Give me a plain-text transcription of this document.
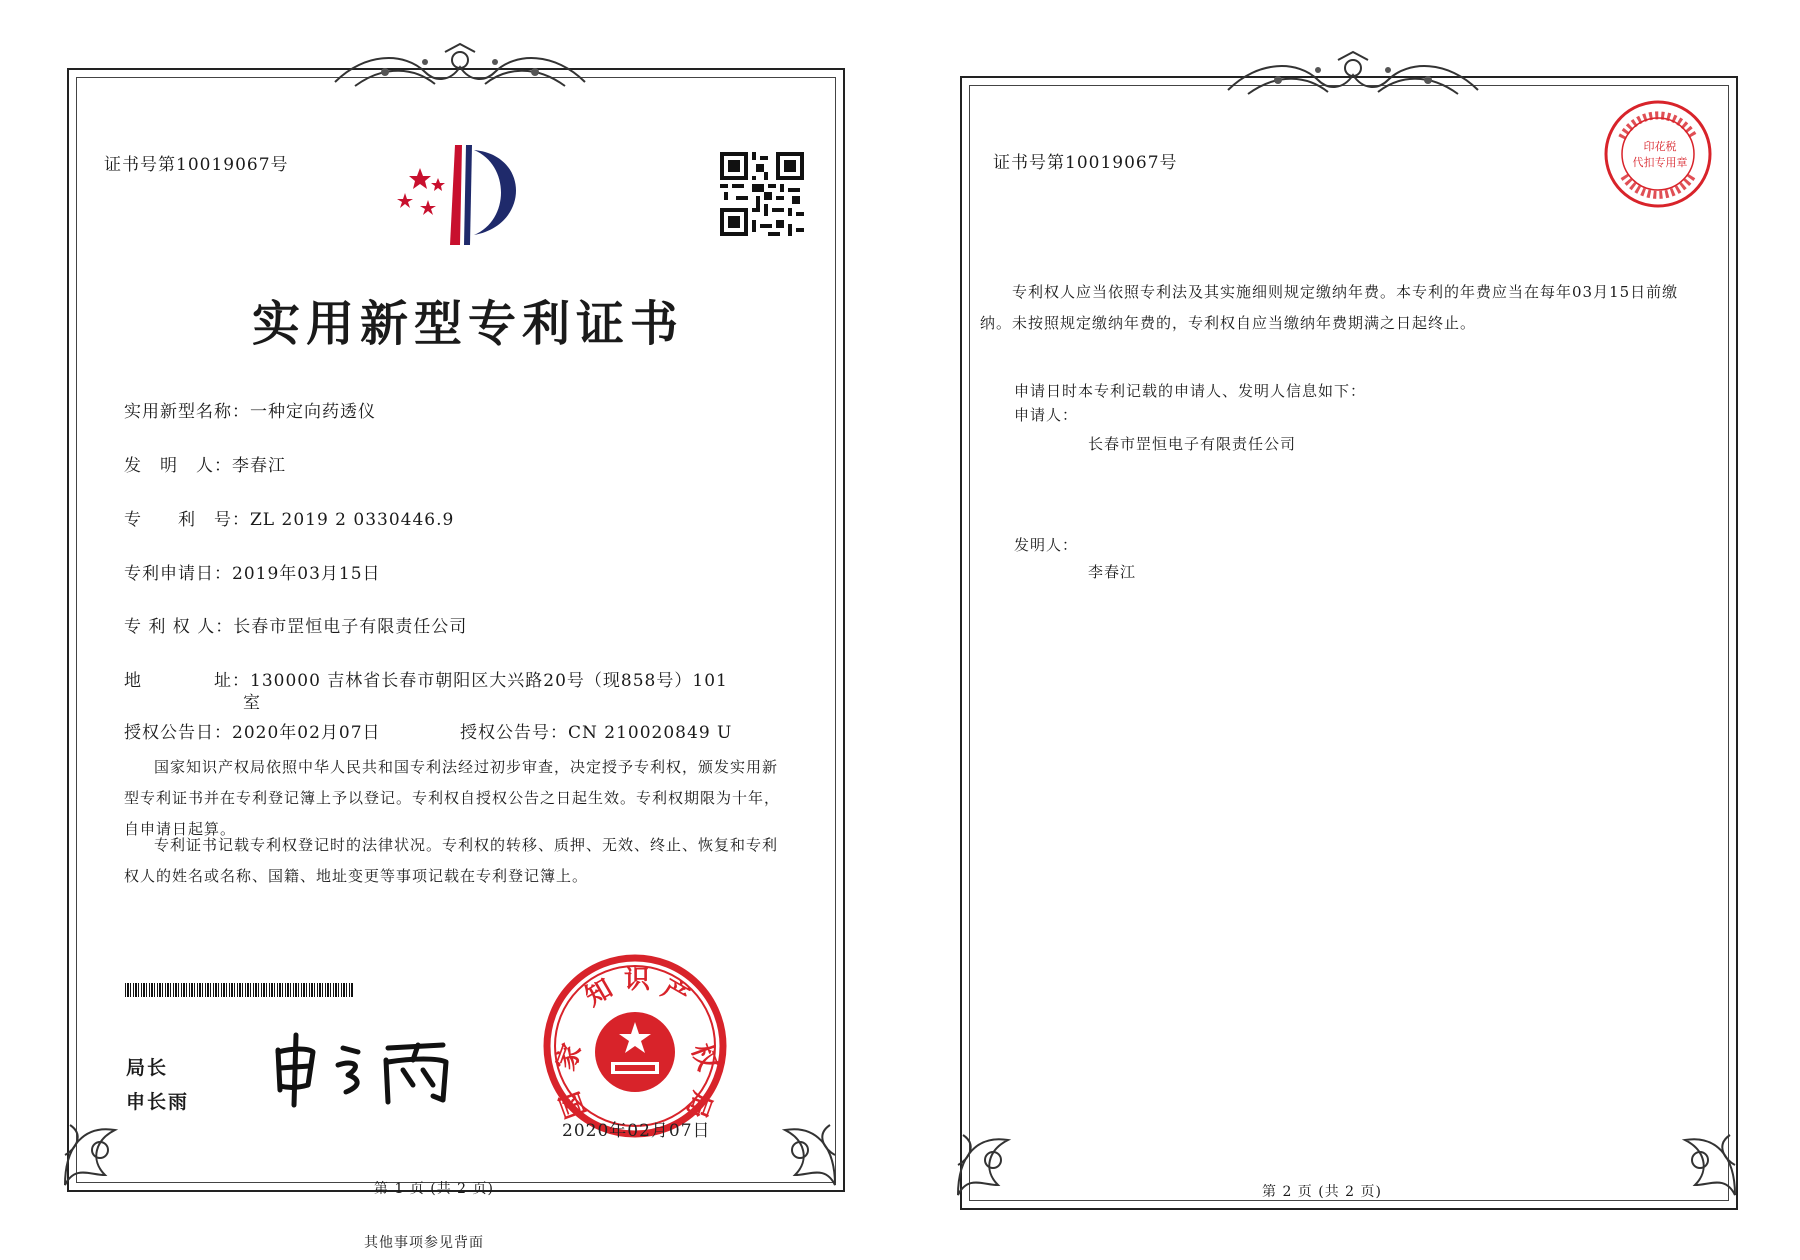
证书号第10019067号
实用新型专利证书
实用新型名称：一种定向药透仪
发　明　人：李春江
专　　利　号：ZL 2019 2 0330446.9
专利申请日：2019年03月15日
专 利 权 人：长春市罡恒电子有限责任公司
地　　　　址：130000 吉林省长春市朝阳区大兴路20号（现858号）101
室
授权公告日：2020年02月07日	授权公告号：CN 210020849 U
国家知识产权局依照中华人民共和国专利法经过初步审查，决定授予专利权，颁发实用新型专利证书并在专利登记簿上予以登记。专利权自授权公告之日起生效。专利权期限为十年，自申请日起算。
专利证书记载专利权登记时的法律状况。专利权的转移、质押、无效、终止、恢复和专利权人的姓名或名称、国籍、地址变更等事项记载在专利登记簿上。
局长
申长雨
家
知 识 产
权
国	局
2020年02月07日
第 1 页 (共 2 页)
其他事项参见背面
证书号第10019067号
印花税
代扣专用章
专利权人应当依照专利法及其实施细则规定缴纳年费。本专利的年费应当在每年03月15日前缴纳。未按照规定缴纳年费的，专利权自应当缴纳年费期满之日起终止。
申请日时本专利记载的申请人、发明人信息如下：
申请人：
长春市罡恒电子有限责任公司
发明人：
李春江
第 2 页 (共 2 页)
